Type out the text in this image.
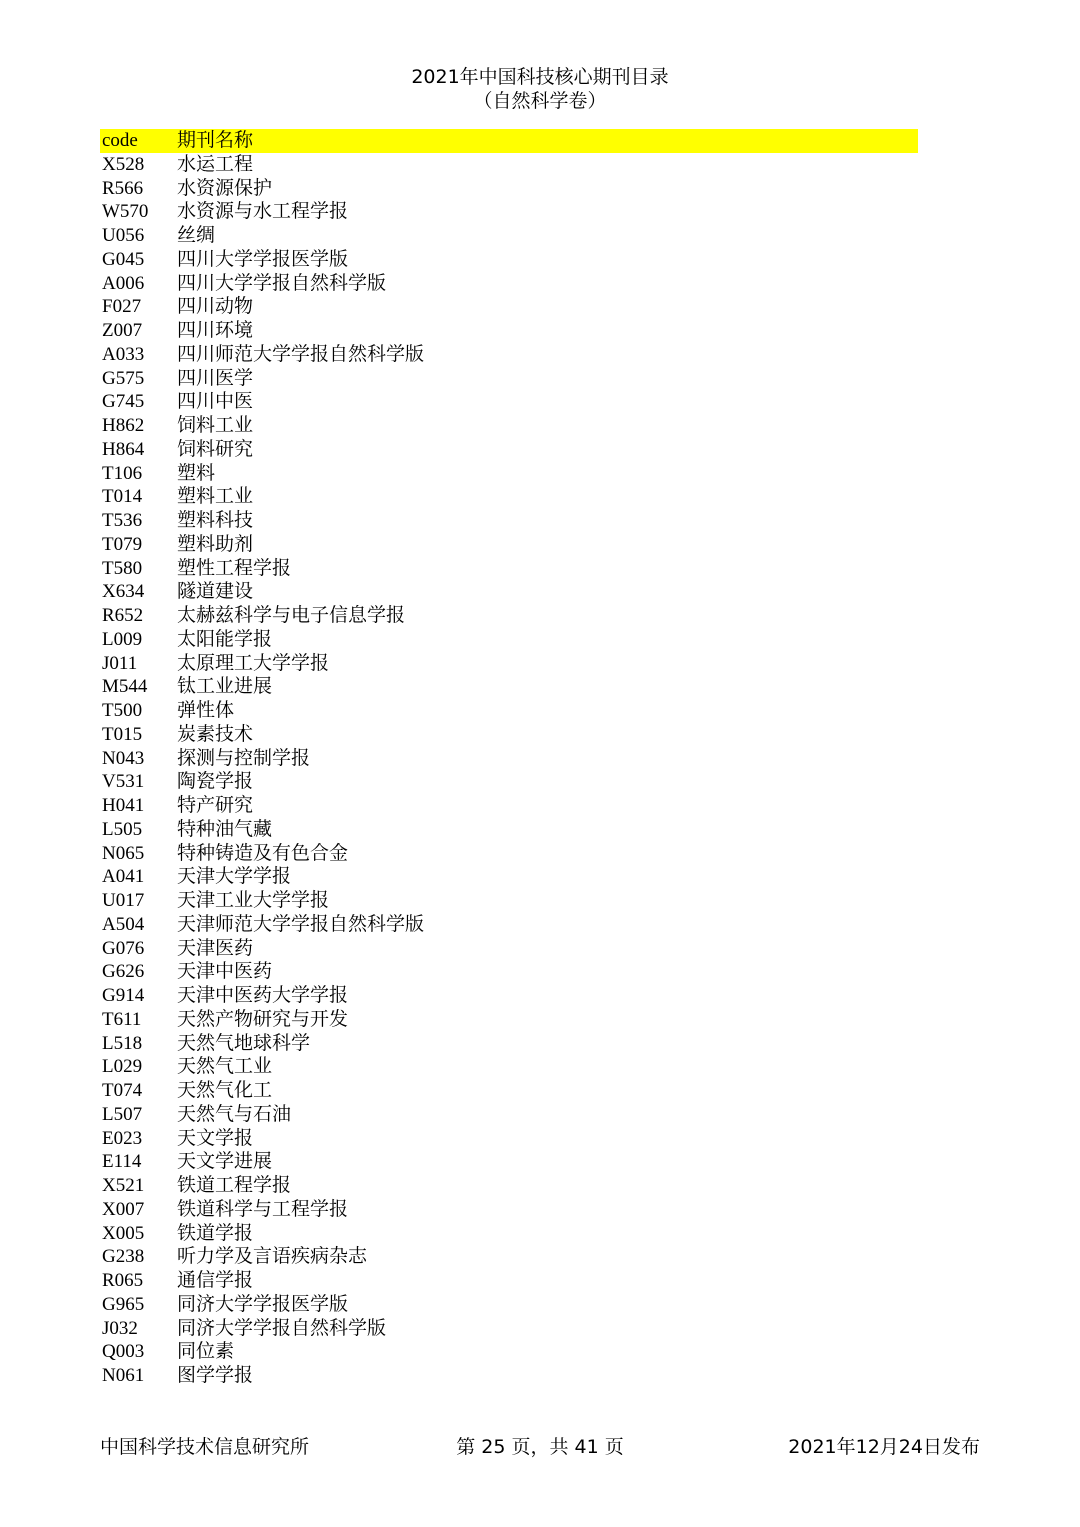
2021年中国科技核心期刊目录
（自然科学卷）
code 期刊名称
X528 水运工程
R566 水资源保护
W570 水资源与水工程学报
U056 丝绸
G045 四川大学学报医学版
A006 四川大学学报自然科学版
F027 四川动物
Z007 四川环境
A033 四川师范大学学报自然科学版
G575 四川医学
G745 四川中医
H862 饲料工业
H864 饲料研究
T106 塑料
T014 塑料工业
T536 塑料科技
T079 塑料助剂
T580 塑性工程学报
X634 隧道建设
R652 太赫兹科学与电子信息学报
L009 太阳能学报
J011 太原理工大学学报
M544 钛工业进展
T500 弹性体
T015 炭素技术
N043 探测与控制学报
V531 陶瓷学报
H041 特产研究
L505 特种油气藏
N065 特种铸造及有色合金
A041 天津大学学报
U017 天津工业大学学报
A504 天津师范大学学报自然科学版
G076 天津医药
G626 天津中医药
G914 天津中医药大学学报
T611 天然产物研究与开发
L518 天然气地球科学
L029 天然气工业
T074 天然气化工
L507 天然气与石油
E023 天文学报
E114 天文学进展
X521 铁道工程学报
X007 铁道科学与工程学报
X005 铁道学报
G238 听力学及言语疾病杂志
R065 通信学报
G965 同济大学学报医学版
J032 同济大学学报自然科学版
Q003 同位素
N061 图学学报
中国科学技术信息研究所	第 25 页，共 41 页	2021年12月24日发布
